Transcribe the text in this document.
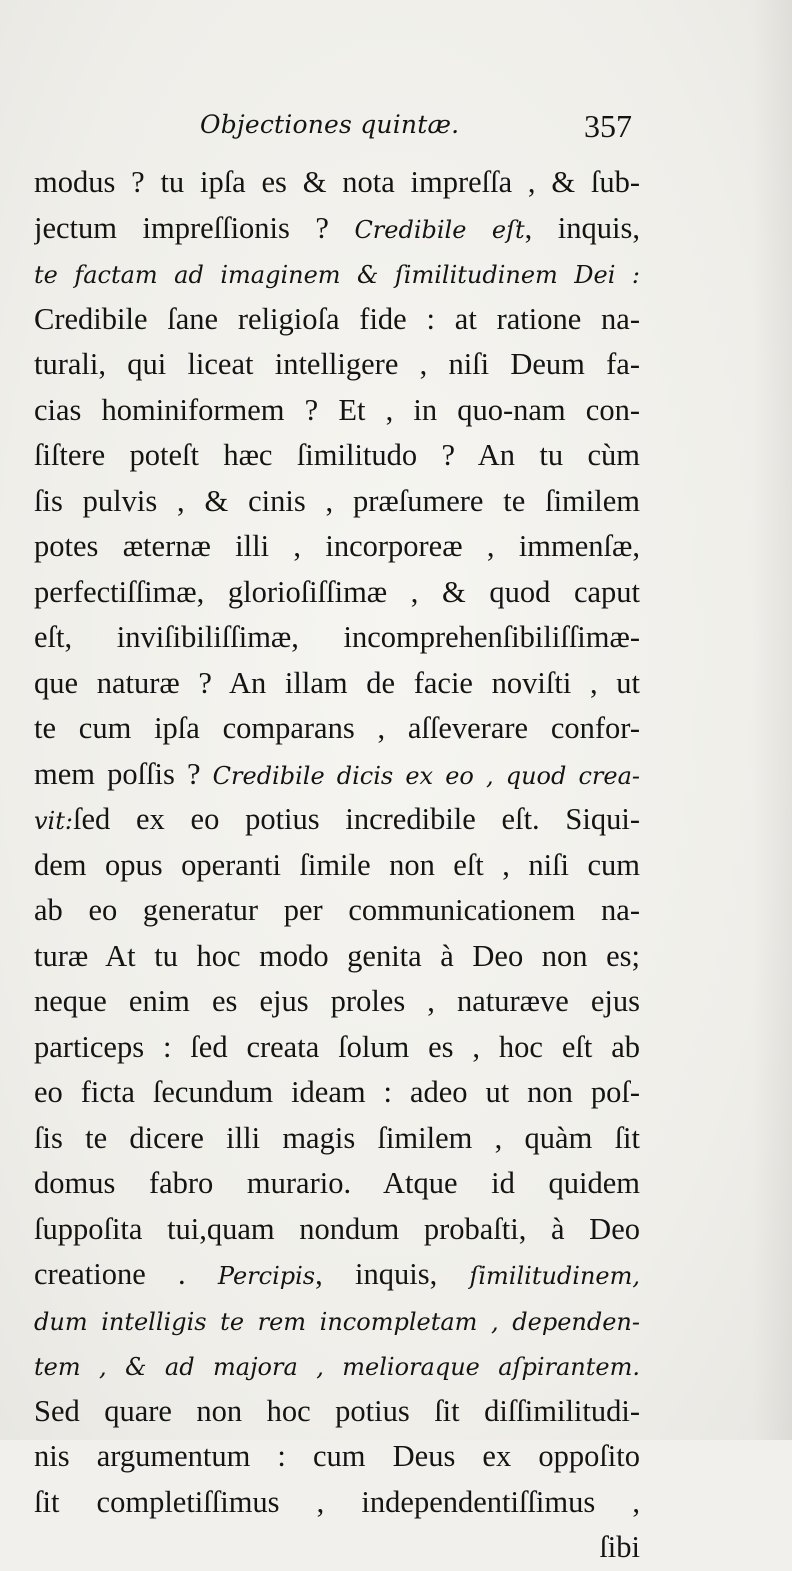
Objectiones quintæ.	357
modus ? tu ipſa es & nota impreſſa , & ſub-
jectum impreſſionis ? Credibile eſt, inquis,
te factam ad imaginem & ſimilitudinem Dei :
Credibile ſane religioſa fide : at ratione na-
turali, qui liceat intelligere , niſi Deum fa-
cias hominiformem ? Et , in quo-nam con-
ſiſtere poteſt hæc ſimilitudo ? An tu cùm
ſis pulvis , & cinis , præſumere te ſimilem
potes æternæ illi , incorporeæ , immenſæ,
perfectiſſimæ, glorioſiſſimæ , & quod caput
eſt, inviſibiliſſimæ, incomprehenſibiliſſimæ-
que naturæ ? An illam de facie noviſti , ut
te cum ipſa comparans , aſſeverare confor-
mem poſſis ? Credibile dicis ex eo , quod crea-
vit:ſed ex eo potius incredibile eſt. Siqui-
dem opus operanti ſimile non eſt , niſi cum
ab eo generatur per communicationem na-
turæ At tu hoc modo genita à Deo non es;
neque enim es ejus proles , naturæve ejus
particeps : ſed creata ſolum es , hoc eſt ab
eo ficta ſecundum ideam : adeo ut non poſ-
ſis te dicere illi magis ſimilem , quàm ſit
domus fabro murario. Atque id quidem
ſuppoſita tui,quam nondum probaſti, à Deo
creatione . Percipis, inquis, ſimilitudinem,
dum intelligis te rem incompletam , dependen-
tem , & ad majora , melioraque aſpirantem.
Sed quare non hoc potius ſit diſſimilitudi-
nis argumentum : cum Deus ex oppoſito
ſit completiſſimus , independentiſſimus ,
ſibi
